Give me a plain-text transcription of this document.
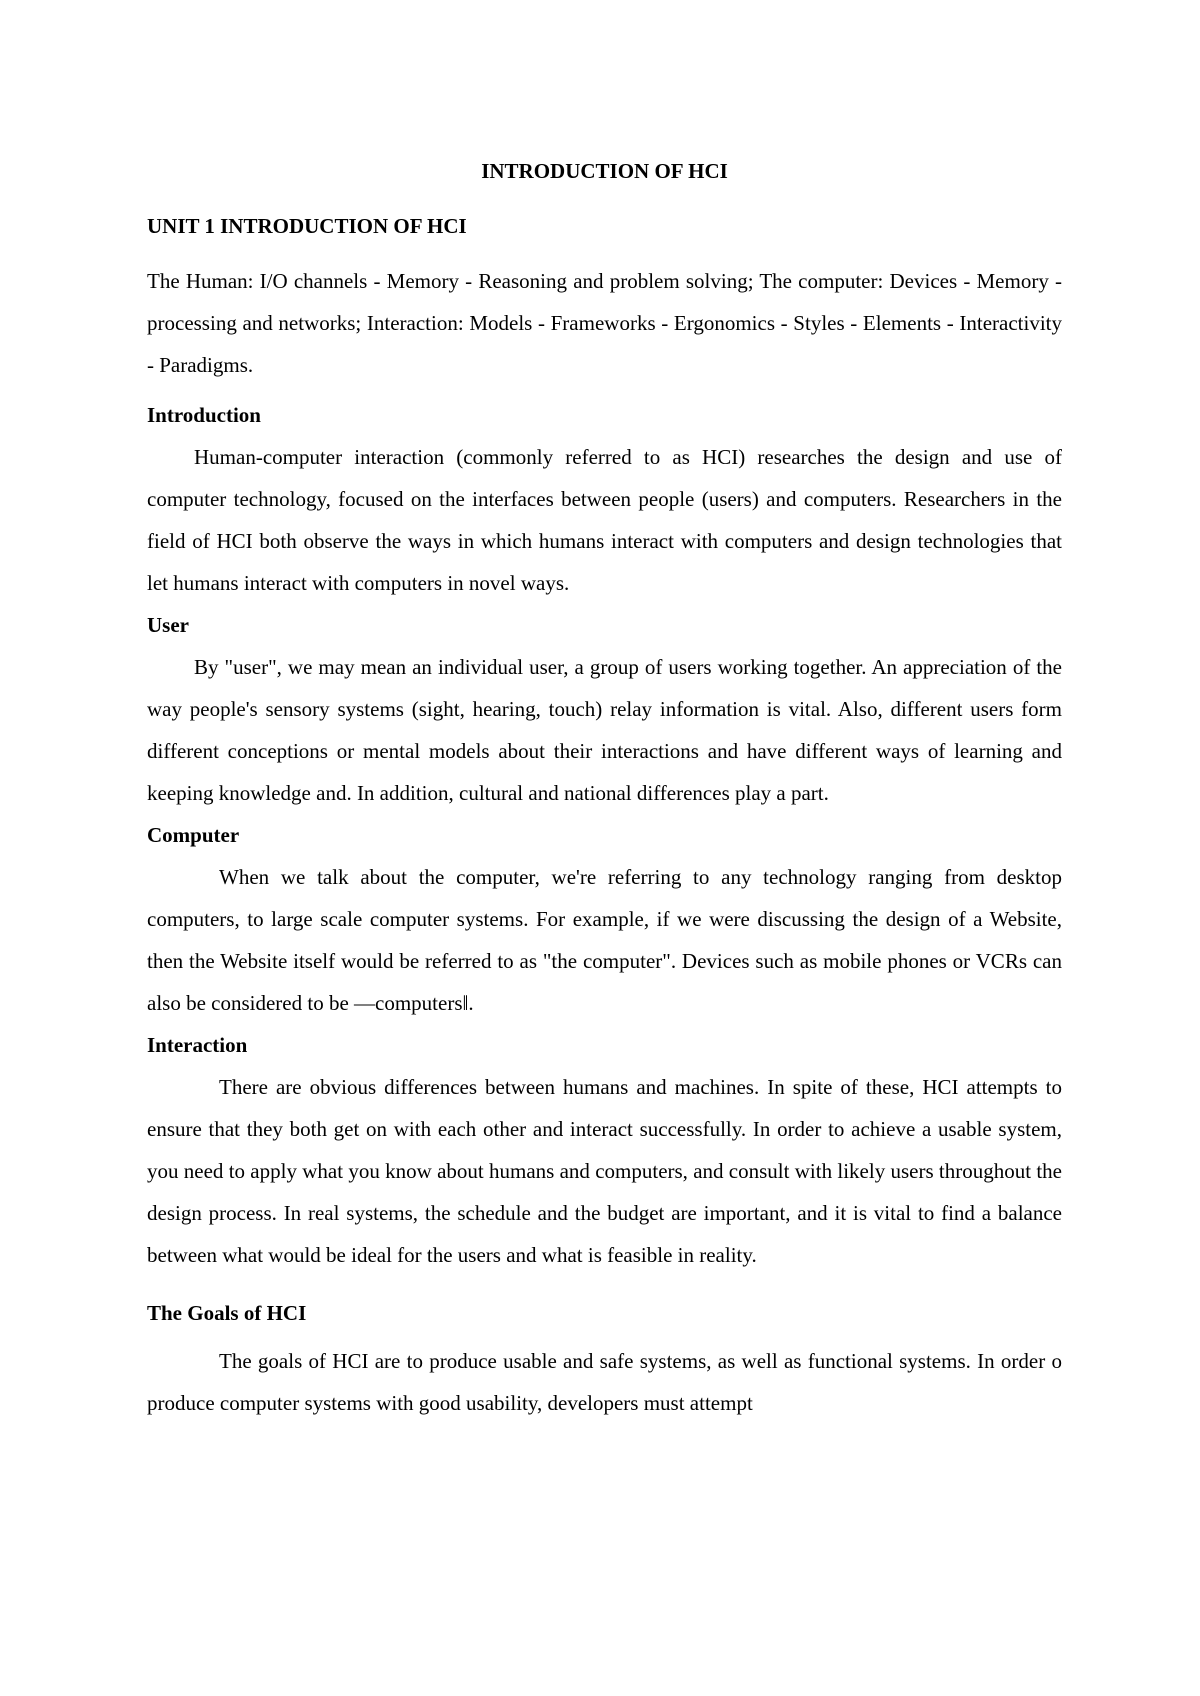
INTRODUCTION OF HCI
UNIT 1 INTRODUCTION OF HCI

The Human: I/O channels - Memory - Reasoning and problem solving; The computer: Devices - Memory - processing and networks; Interaction: Models - Frameworks - Ergonomics - Styles - Elements - Interactivity - Paradigms.

Introduction

Human-computer interaction (commonly referred to as HCI) researches the design and use of computer technology, focused on the interfaces between people (users) and computers. Researchers in the field of HCI both observe the ways in which humans interact with computers and design technologies that let humans interact with computers in novel ways.

User

By "user", we may mean an individual user, a group of users working together. An appreciation of the way people's sensory systems (sight, hearing, touch) relay information is vital. Also, different users form different conceptions or mental models about their interactions and have different ways of learning and keeping knowledge and. In addition, cultural and national differences play a part.

Computer

When we talk about the computer, we're referring to any technology ranging from desktop computers, to large scale computer systems. For example, if we were discussing the design of a Website, then the Website itself would be referred to as "the computer". Devices such as mobile phones or VCRs can also be considered to be —computers‖.

Interaction

There are obvious differences between humans and machines. In spite of these, HCI attempts to ensure that they both get on with each other and interact successfully. In order to achieve a usable system, you need to apply what you know about humans and computers, and consult with likely users throughout the design process. In real systems, the schedule and the budget are important, and it is vital to find a balance between what would be ideal for the users and what is feasible in reality.

The Goals of HCI

The goals of HCI are to produce usable and safe systems, as well as functional systems. In order o produce computer systems with good usability, developers must attempt
